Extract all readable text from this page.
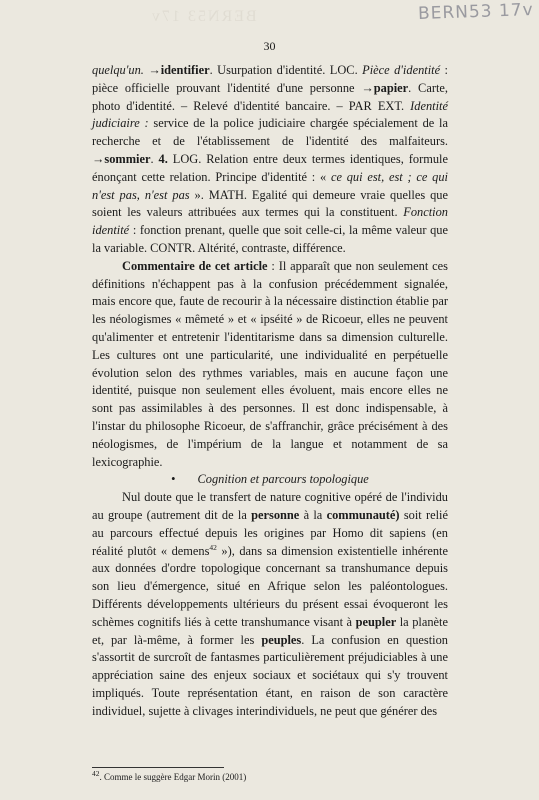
BERN53 17v	BERN53 17v
30

quelqu'un. →identifier. Usurpation d'identité. LOC. Pièce d'identité : pièce officielle prouvant l'identité d'une personne →papier. Carte, photo d'identité. – Relevé d'identité bancaire. – PAR EXT. Identité judiciaire : service de la police judiciaire chargée spécialement de la recherche et de l'établissement de l'identité des malfaiteurs. →sommier. 4. LOG. Relation entre deux termes identiques, formule énonçant cette relation. Principe d'identité : « ce qui est, est ; ce qui n'est pas, n'est pas ». MATH. Egalité qui demeure vraie quelles que soient les valeurs attribuées aux termes qui la constituent. Fonction identité : fonction prenant, quelle que soit celle-ci, la même valeur que la variable. CONTR. Altérité, contraste, différence.

Commentaire de cet article : Il apparaît que non seulement ces définitions n'échappent pas à la confusion précédemment signalée, mais encore que, faute de recourir à la nécessaire distinction établie par les néologismes « mêmeté » et « ipséité » de Ricoeur, elles ne peuvent qu'alimenter et entretenir l'identitarisme dans sa dimension culturelle. Les cultures ont une particularité, une individualité en perpétuelle évolution selon des rythmes variables, mais en aucune façon une identité, puisque non seulement elles évoluent, mais encore elles ne sont pas assimilables à des personnes. Il est donc indispensable, à l'instar du philosophe Ricoeur, de s'affranchir, grâce précisément à des néologismes, de l'impérium de la langue et notamment de sa lexicographie.

• Cognition et parcours topologique

Nul doute que le transfert de nature cognitive opéré de l'individu au groupe (autrement dit de la personne à la communauté) soit relié au parcours effectué depuis les origines par Homo dit sapiens (en réalité plutôt « demens$^{42}$ »), dans sa dimension existentielle inhérente aux données d'ordre topologique concernant sa transhumance depuis son lieu d'émergence, situé en Afrique selon les paléontologues. Différents développements ultérieurs du présent essai évoqueront les schèmes cognitifs liés à cette transhumance visant à peupler la planète et, par là-même, à former les peuples. La confusion en question s'assortit de surcroît de fantasmes particulièrement préjudiciables à une appréciation saine des enjeux sociaux et sociétaux qui s'y trouvent impliqués. Toute représentation étant, en raison de son caractère individuel, sujette à clivages interindividuels, ne peut que générer des

$^{42}$. Comme le suggère Edgar Morin (2001)
